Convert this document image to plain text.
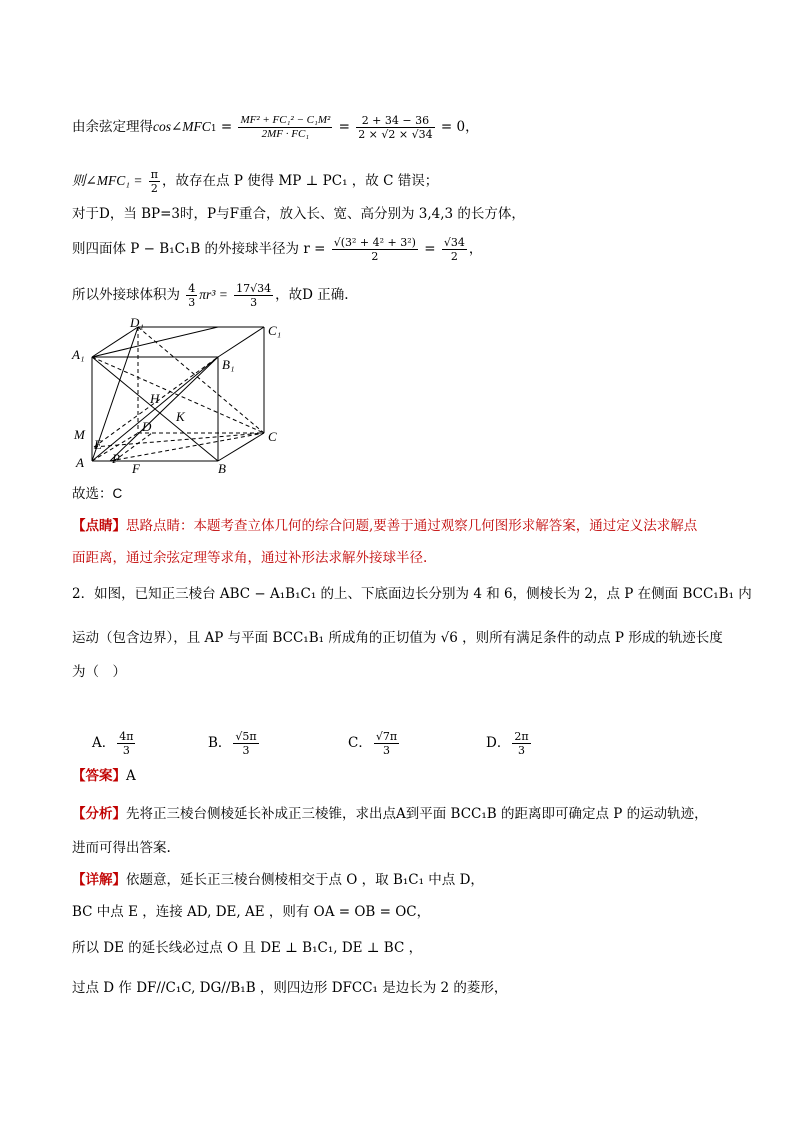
由余弦定理得cos∠MFC1 = $\frac{\text{MF² + FC₁² − C₁M²}}{\text{2MF · FC₁}} = \frac{2 + 34 - 36}{2 \times √2 \times √34} = 0$，
则∠MFC₁ = $\frac{\pi}{2}$ ，故存在点 P 使得 MP ⊥ PC₁ ，故 C 错误；
对于D，当 BP=3时，P与F重合，放入长、宽、高分别为 3,4,3 的长方体，
则四面体 P − B₁C₁B 的外接球半径为 $r = \frac{\text{√(3² + 4² + 3²)}}{2} = \frac{√34}{2}$ ，
所以外接球体积为 $\frac{4}{3} \pi r^3 = \frac{17√34}{3}$ ，故D 正确.
D₁
C₁
A₁
B₁
H
K
D
C
M
E
A P
F	B
故选：C
【点睛】思路点睛：本题考查立体几何的综合问题,要善于通过观察几何图形求解答案，通过定义法求解点
面距离，通过余弦定理等求角，通过补形法求解外接球半径.
2．如图，已知正三棱台 ABC − A₁B₁C₁ 的上、下底面边长分别为 4 和 6，侧棱长为 2，点 P 在侧面 BCC₁B₁ 内
运动（包含边界），且 AP 与平面 BCC₁B₁ 所成角的正切值为 √6 ，则所有满足条件的动点 P 形成的轨迹长度
为（　）
A． $\frac{4\pi}{3}$	B． $\frac{√5\pi}{3}$	C． $\frac{√7\pi}{3}$	D． $\frac{2\pi}{3}$
【答案】A
【分析】先将正三棱台侧棱延长补成正三棱锥，求出点A到平面 BCC₁B 的距离即可确定点 P 的运动轨迹，
进而可得出答案.
【详解】依题意，延长正三棱台侧棱相交于点 O ，取 B₁C₁ 中点 D，
BC 中点 E ，连接 AD, DE, AE ，则有 OA = OB = OC，
所以 DE 的延长线必过点 O 且 DE ⊥ B₁C₁, DE ⊥ BC ，
过点 D 作 DF//C₁C, DG//B₁B ，则四边形 DFCC₁ 是边长为 2 的菱形，
